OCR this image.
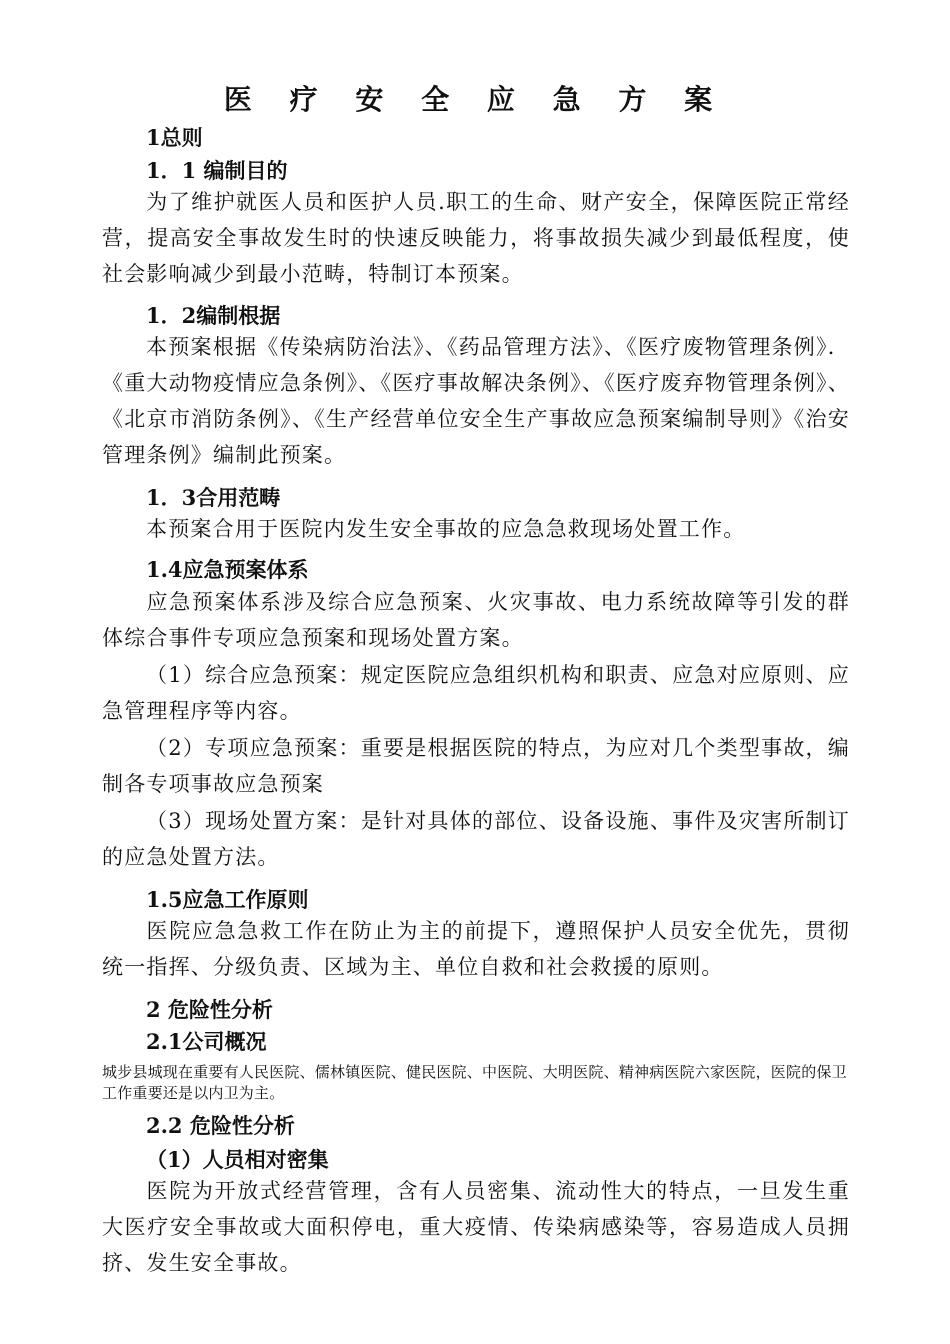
医 疗 安 全 应 急 方 案
1总则
1．1 编制目的

为了维护就医人员和医护人员.职工的生命、财产安全，保障医院正常经营，提高安全事故发生时的快速反映能力，将事故损失减少到最低程度，使社会影响减少到最小范畴，特制订本预案。

1．2编制根据

本预案根据《传染病防治法》、《药品管理方法》、《医疗废物管理条例》．《重大动物疫情应急条例》、《医疗事故解决条例》、《医疗废弃物管理条例》、《北京市消防条例》、《生产经营单位安全生产事故应急预案编制导则》《治安管理条例》编制此预案。

1．3合用范畴

本预案合用于医院内发生安全事故的应急急救现场处置工作。

1.4应急预案体系

应急预案体系涉及综合应急预案、火灾事故、电力系统故障等引发的群体综合事件专项应急预案和现场处置方案。

（1）综合应急预案：规定医院应急组织机构和职责、应急对应原则、应急管理程序等内容。

（2）专项应急预案：重要是根据医院的特点，为应对几个类型事故，编制各专项事故应急预案

（3）现场处置方案：是针对具体的部位、设备设施、事件及灾害所制订的应急处置方法。

1.5应急工作原则

医院应急急救工作在防止为主的前提下，遵照保护人员安全优先，贯彻统一指挥、分级负责、区域为主、单位自救和社会救援的原则。

2 危险性分析
2.1公司概况

城步县城现在重要有人民医院、儒林镇医院、健民医院、中医院、大明医院、精神病医院六家医院，医院的保卫工作重要还是以内卫为主。

2.2 危险性分析
（1）人员相对密集

医院为开放式经营管理，含有人员密集、流动性大的特点，一旦发生重大医疗安全事故或大面积停电，重大疫情、传染病感染等，容易造成人员拥挤、发生安全事故。
